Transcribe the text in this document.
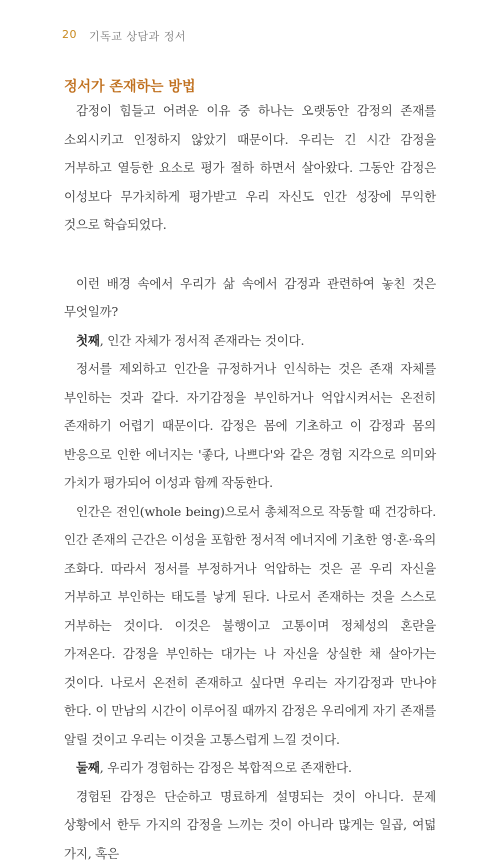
20 기독교 상담과 정서
정서가 존재하는 방법

감정이 힘들고 어려운 이유 중 하나는 오랫동안 감정의 존재를 소외시키고 인정하지 않았기 때문이다. 우리는 긴 시간 감정을 거부하고 열등한 요소로 평가 절하 하면서 살아왔다. 그동안 감정은 이성보다 무가치하게 평가받고 우리 자신도 인간 성장에 무익한 것으로 학습되었다.

이런 배경 속에서 우리가 삶 속에서 감정과 관련하여 놓친 것은 무엇일까?

첫째, 인간 자체가 정서적 존재라는 것이다.

정서를 제외하고 인간을 규정하거나 인식하는 것은 존재 자체를 부인하는 것과 같다. 자기감정을 부인하거나 억압시켜서는 온전히 존재하기 어렵기 때문이다. 감정은 몸에 기초하고 이 감정과 몸의 반응으로 인한 에너지는 '좋다, 나쁘다'와 같은 경험 지각으로 의미와 가치가 평가되어 이성과 함께 작동한다.

인간은 전인(whole being)으로서 총체적으로 작동할 때 건강하다. 인간 존재의 근간은 이성을 포함한 정서적 에너지에 기초한 영·혼·육의 조화다. 따라서 정서를 부정하거나 억압하는 것은 곧 우리 자신을 거부하고 부인하는 태도를 낳게 된다. 나로서 존재하는 것을 스스로 거부하는 것이다. 이것은 불행이고 고통이며 정체성의 혼란을 가져온다. 감정을 부인하는 대가는 나 자신을 상실한 채 살아가는 것이다. 나로서 온전히 존재하고 싶다면 우리는 자기감정과 만나야 한다. 이 만남의 시간이 이루어질 때까지 감정은 우리에게 자기 존재를 알릴 것이고 우리는 이것을 고통스럽게 느낄 것이다.

둘째, 우리가 경험하는 감정은 복합적으로 존재한다.

경험된 감정은 단순하고 명료하게 설명되는 것이 아니다. 문제 상황에서 한두 가지의 감정을 느끼는 것이 아니라 많게는 일곱, 여덟 가지, 혹은
